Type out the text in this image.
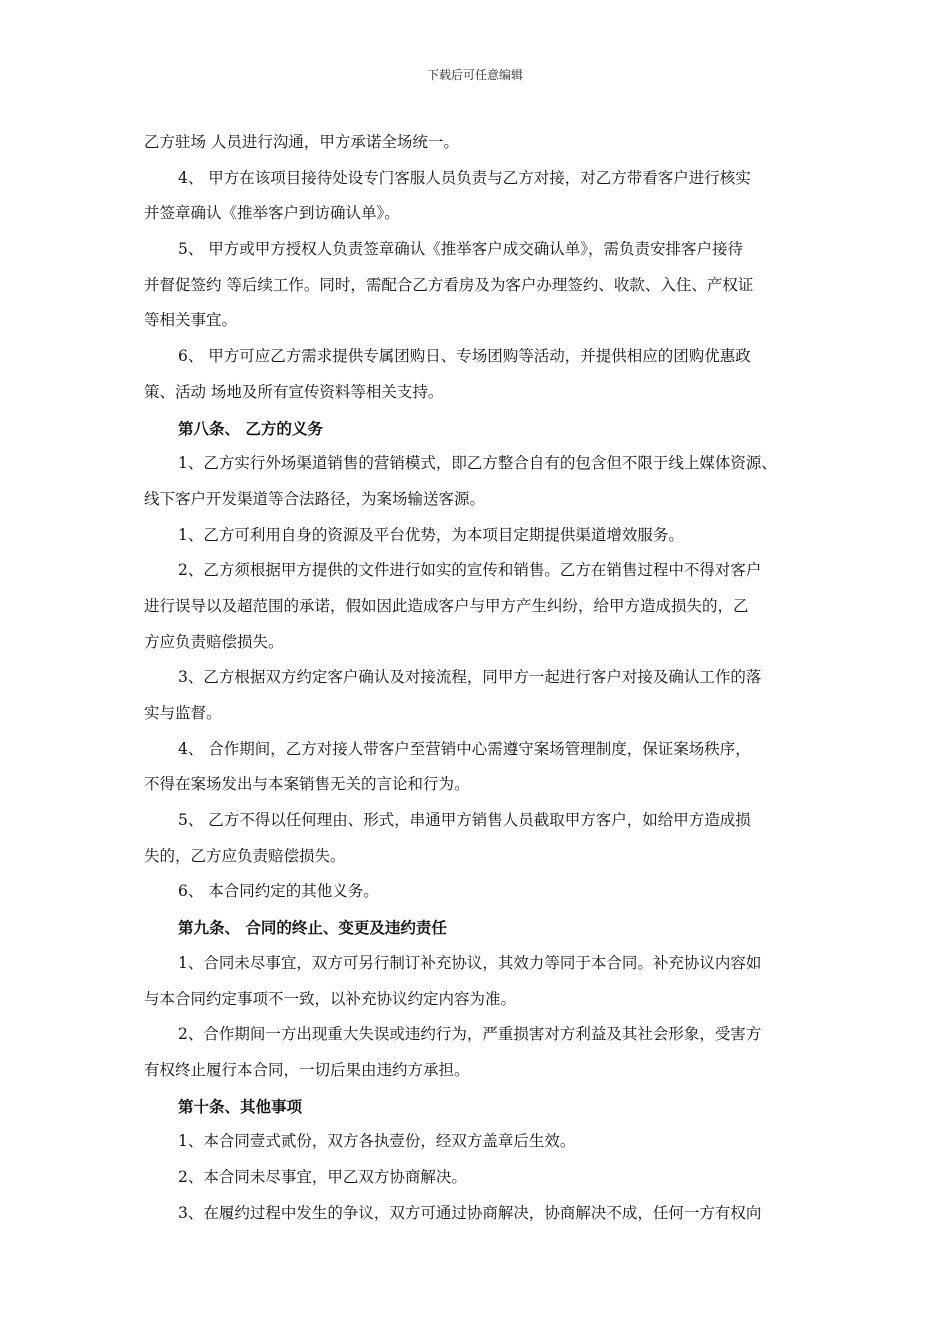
下载后可任意编辑
乙方驻场 人员进行沟通，甲方承诺全场统一。
4、 甲方在该项目接待处设专门客服人员负责与乙方对接，对乙方带看客户进行核实
并签章确认《推举客户到访确认单》。
5、 甲方或甲方授权人负责签章确认《推举客户成交确认单》，需负责安排客户接待
并督促签约 等后续工作。同时，需配合乙方看房及为客户办理签约、收款、入住、产权证
等相关事宜。
6、 甲方可应乙方需求提供专属团购日、专场团购等活动，并提供相应的团购优惠政
策、活动 场地及所有宣传资料等相关支持。
第八条、 乙方的义务
1、乙方实行外场渠道销售的营销模式，即乙方整合自有的包含但不限于线上媒体资源、
线下客户开发渠道等合法路径，为案场输送客源。
1、乙方可利用自身的资源及平台优势，为本项目定期提供渠道增效服务。
2、乙方须根据甲方提供的文件进行如实的宣传和销售。乙方在销售过程中不得对客户
进行误导以及超范围的承诺，假如因此造成客户与甲方产生纠纷，给甲方造成损失的，乙
方应负责赔偿损失。
3、乙方根据双方约定客户确认及对接流程，同甲方一起进行客户对接及确认工作的落
实与监督。
4、 合作期间，乙方对接人带客户至营销中心需遵守案场管理制度，保证案场秩序，
不得在案场发出与本案销售无关的言论和行为。
5、 乙方不得以任何理由、形式，串通甲方销售人员截取甲方客户，如给甲方造成损
失的，乙方应负责赔偿损失。
6、 本合同约定的其他义务。
第九条、 合同的终止、变更及违约责任
1、合同未尽事宜，双方可另行制订补充协议，其效力等同于本合同。补充协议内容如
与本合同约定事项不一致，以补充协议约定内容为准。
2、合作期间一方出现重大失误或违约行为，严重损害对方利益及其社会形象，受害方
有权终止履行本合同，一切后果由违约方承担。
第十条、其他事项
1、本合同壹式贰份，双方各执壹份，经双方盖章后生效。
2、本合同未尽事宜，甲乙双方协商解决。
3、在履约过程中发生的争议，双方可通过协商解决，协商解决不成，任何一方有权向
